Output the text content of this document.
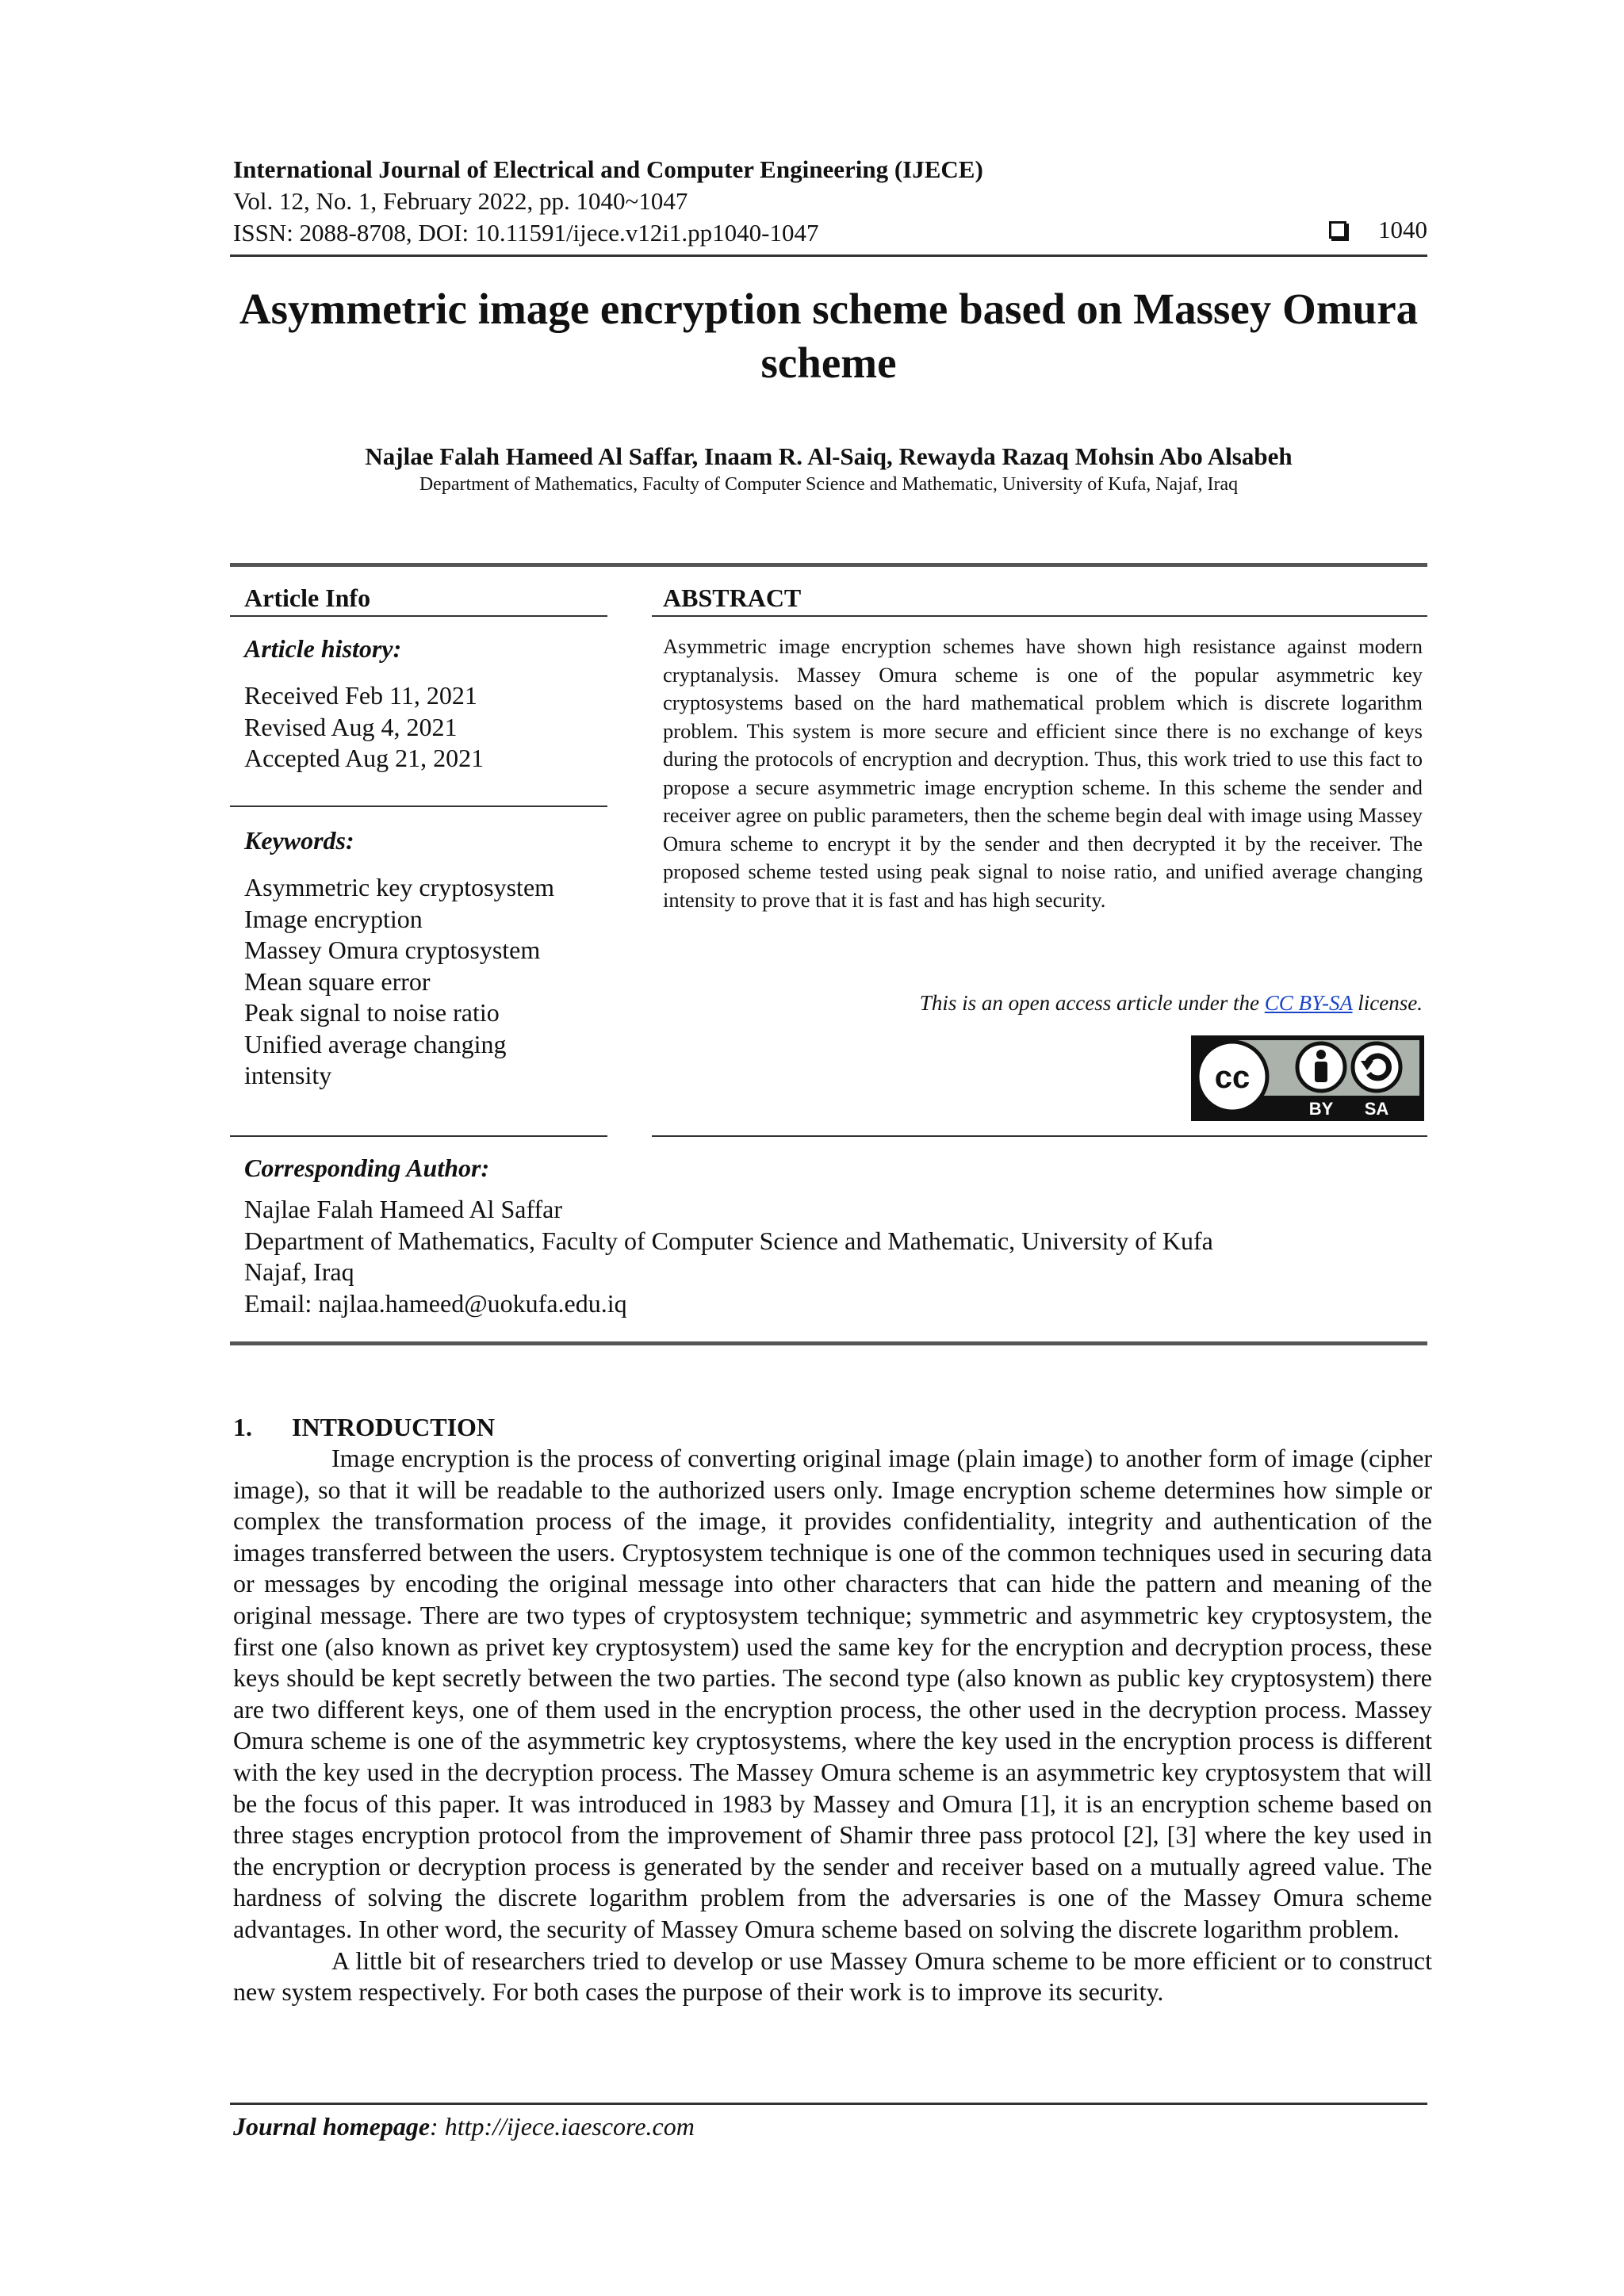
International Journal of Electrical and Computer Engineering (IJECE)
Vol. 12, No. 1, February 2022, pp. 1040~1047
ISSN: 2088-8708, DOI: 10.11591/ijece.v12i1.pp1040-1047	1040
Asymmetric image encryption scheme based on Massey Omura
scheme
Najlae Falah Hameed Al Saffar, Inaam R. Al-Saiq, Rewayda Razaq Mohsin Abo Alsabeh
Department of Mathematics, Faculty of Computer Science and Mathematic, University of Kufa, Najaf, Iraq
Article Info
Article history:
Received Feb 11, 2021
Revised Aug 4, 2021
Accepted Aug 21, 2021
Keywords:
Asymmetric key cryptosystem
Image encryption
Massey Omura cryptosystem
Mean square error
Peak signal to noise ratio
Unified average changing
intensity
ABSTRACT
Asymmetric image encryption schemes have shown high resistance against modern cryptanalysis. Massey Omura scheme is one of the popular asymmetric key cryptosystems based on the hard mathematical problem which is discrete logarithm problem. This system is more secure and efficient since there is no exchange of keys during the protocols of encryption and decryption. Thus, this work tried to use this fact to propose a secure asymmetric image encryption scheme. In this scheme the sender and receiver agree on public parameters, then the scheme begin deal with image using Massey Omura scheme to encrypt it by the sender and then decrypted it by the receiver. The proposed scheme tested using peak signal to noise ratio, and unified average changing intensity to prove that it is fast and has high security.
This is an open access article under the CC BY-SA license.
cc
BY SA
Corresponding Author:
Najlae Falah Hameed Al Saffar
Department of Mathematics, Faculty of Computer Science and Mathematic, University of Kufa
Najaf, Iraq
Email: najlaa.hameed@uokufa.edu.iq
1. INTRODUCTION

Image encryption is the process of converting original image (plain image) to another form of image (cipher image), so that it will be readable to the authorized users only. Image encryption scheme determines how simple or complex the transformation process of the image, it provides confidentiality, integrity and authentication of the images transferred between the users. Cryptosystem technique is one of the common techniques used in securing data or messages by encoding the original message into other characters that can hide the pattern and meaning of the original message. There are two types of cryptosystem technique; symmetric and asymmetric key cryptosystem, the first one (also known as privet key cryptosystem) used the same key for the encryption and decryption process, these keys should be kept secretly between the two parties. The second type (also known as public key cryptosystem) there are two different keys, one of them used in the encryption process, the other used in the decryption process. Massey Omura scheme is one of the asymmetric key cryptosystems, where the key used in the encryption process is different with the key used in the decryption process. The Massey Omura scheme is an asymmetric key cryptosystem that will be the focus of this paper. It was introduced in 1983 by Massey and Omura [1], it is an encryption scheme based on three stages encryption protocol from the improvement of Shamir three pass protocol [2], [3] where the key used in the encryption or decryption process is generated by the sender and receiver based on a mutually agreed value. The hardness of solving the discrete logarithm problem from the adversaries is one of the Massey Omura scheme advantages. In other word, the security of Massey Omura scheme based on solving the discrete logarithm problem.

A little bit of researchers tried to develop or use Massey Omura scheme to be more efficient or to construct new system respectively. For both cases the purpose of their work is to improve its security.

Journal homepage: http://ijece.iaescore.com
